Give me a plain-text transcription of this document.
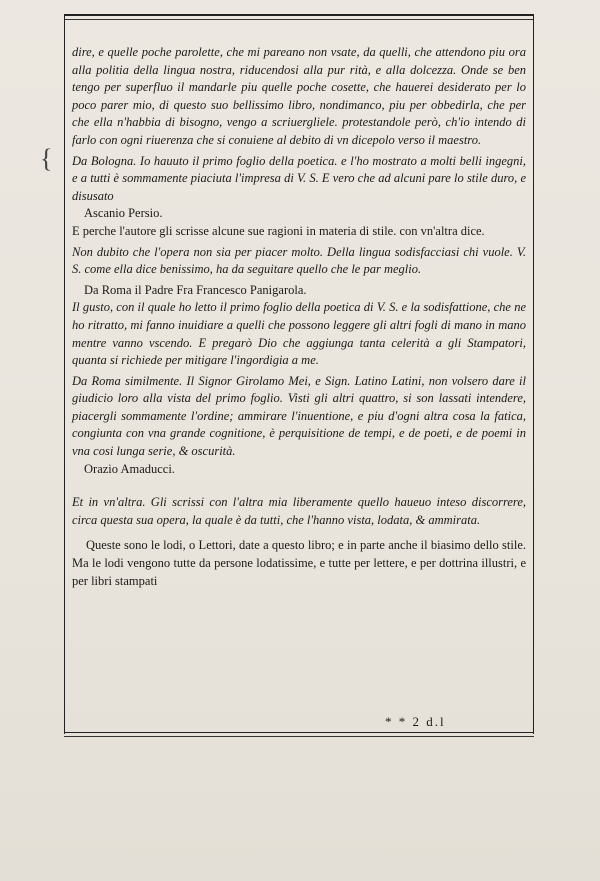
{

dire, e quelle poche parolette, che mi pareano non vsate, da quelli, che attendono piu ora alla politia della lingua nostra, riducendosi alla pur rità, e alla dolcezza. Onde se ben tengo per superfluo il mandarle piu quelle poche cosette, che hauerei desiderato per lo poco parer mio, di questo suo bellissimo libro, nondimanco, piu per obbedirla, che per che ella n'habbia di bisogno, vengo a scriuergliele. protestandole però, ch'io intendo di farlo con ogni riuerenza che si conuiene al debito di vn dicepolo verso il maestro.

Da Bologna. Io hauuto il primo foglio della poetica. e l'ho mostrato a molti belli ingegni, e a tutti è sommamente piaciuta l'impresa di V. S. E vero che ad alcuni pare lo stile duro, e disusato

Ascanio Persio.

E perche l'autore gli scrisse alcune sue ragioni in materia di stile. con vn'altra dice.

Non dubito che l'opera non sia per piacer molto. Della lingua sodisfacciasi chi vuole. V. S. come ella dice benissimo, ha da seguitare quello che le par meglio.

Da Roma il Padre Fra Francesco Panigarola.

Il gusto, con il quale ho letto il primo foglio della poetica di V. S. e la sodisfattione, che ne ho ritratto, mi fanno inuidiare a quelli che possono leggere gli altri fogli di mano in mano mentre vanno vscendo. E pregarò Dio che aggiunga tanta celerità a gli Stampatori, quanta si richiede per mitigare l'ingordigia a me.

Da Roma similmente. Il Signor Girolamo Mei, e Sign. Latino Latini, non volsero dare il giudicio loro alla vista del primo foglio. Visti gli altri quattro, si son lassati intendere, piacergli sommamente l'ordine; ammirare l'inuentione, e piu d'ogni altra cosa la fatica, congiunta con vna grande cognitione, è perquisitione de tempi, e de poeti, e de poemi in vna cosi lunga serie, & oscurità.

Orazio Amaducci.

Et in vn'altra. Gli scrissi con l'altra mia liberamente quello haueuo inteso discorrere, circa questa sua opera, la quale è da tutti, che l'hanno vista, lodata, & ammirata.

Queste sono le lodi, o Lettori, date a questo libro; e in parte anche il biasimo dello stile. Ma le lodi vengono tutte da persone lodatissime, e tutte per lettere, e per dottrina illustri, e per libri stampati

* * 2 d.l
